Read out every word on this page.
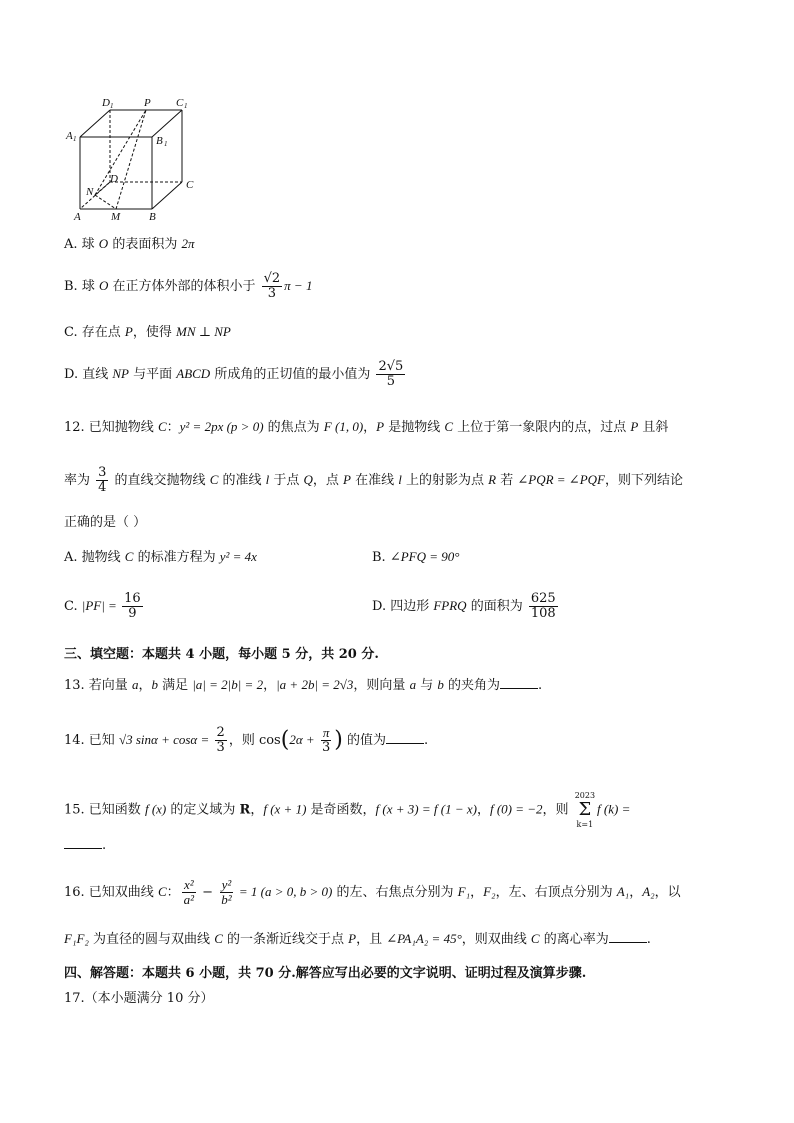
D 1	P C 1
A 1	B 1
N
D	C
A	M	B
A. 球 O 的表面积为 2π
B. 球 O 在正方体外部的体积小于 $\frac{√2}{3}$ π − 1
C. 存在点 P，使得 MN ⊥ NP
D. 直线 NP 与平面 ABCD 所成角的正切值的最小值为 $\frac{2√5}{5}$
12. 已知抛物线 C：y² = 2px (p > 0) 的焦点为 F (1, 0)，P 是抛物线 C 上位于第一象限内的点，过点 P 且斜
率为 $\frac{3}{4}$ 的直线交抛物线 C 的准线 l 于点 Q，点 P 在准线 l 上的射影为点 R 若 ∠PQR = ∠PQF，则下列结论
正确的是（ ）
A. 抛物线 C 的标准方程为 y² = 4x	B. ∠PFQ = 90°
C. $|PF| = \frac{16}{9}$	D. 四边形 FPRQ 的面积为 $\frac{625}{108}$
三、填空题：本题共 4 小题，每小题 5 分，共 20 分.
13. 若向量 a，b 满足 |a| = 2|b| = 2，|a + 2b| = 2√3，则向量 a 与 b 的夹角为	.
14. 已知 √3 $\sin\alpha + \cos\alpha = \frac{2}{3}$ ，则 $\cos(2\alpha + \frac{\pi}{3}$ ) 的值为	.
15. 已知函数 f (x) 的定义域为 R，f (x + 1) 是奇函数，f (x + 3) = f (1 − x)，f (0) = −2，则
2023
Σ
k=1
f (k) =
.
16. 已知双曲线 C： $\frac{\text{x²}}{\text{a²}} - \frac{\text{y²}}{\text{b²}} = 1$ (a > 0, b > 0) 的左、右焦点分别为 F₁，F₂，左、右顶点分别为 A₁，A₂，以
F₁F₂ 为直径的圆与双曲线 C 的一条渐近线交于点 P，且 ∠PA₁A₂ = 45°，则双曲线 C 的离心率为	.
四、解答题：本题共 6 小题，共 70 分.解答应写出必要的文字说明、证明过程及演算步骤.
17.（本小题满分 10 分）
